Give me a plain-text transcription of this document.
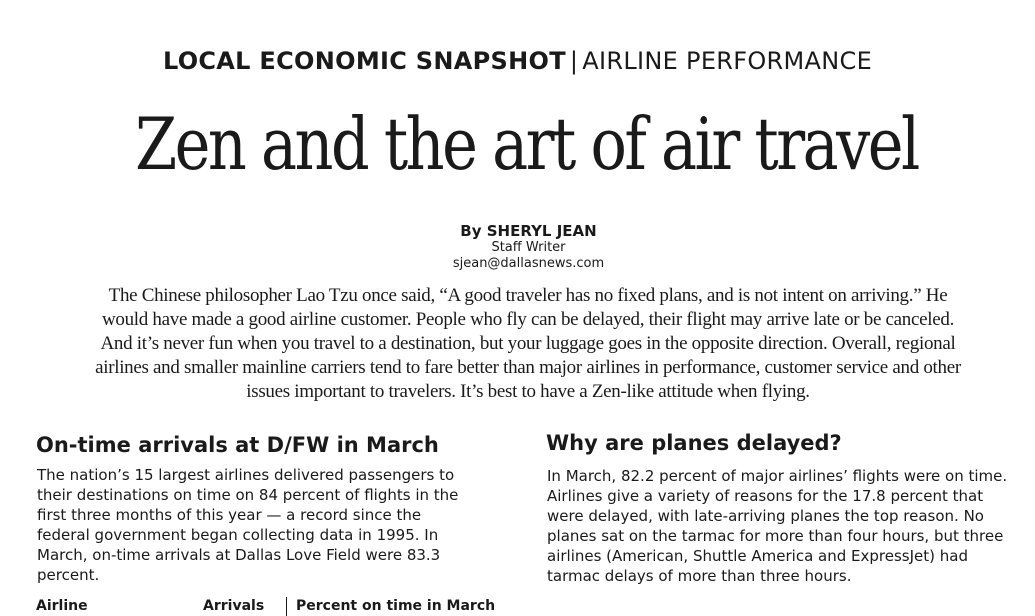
LOCAL ECONOMIC SNAPSHOT | AIRLINE PERFORMANCE
Zen and the art of air travel
By SHERYL JEAN
Staff Writer
sjean@dallasnews.com

The Chinese philosopher Lao Tzu once said, “A good traveler has no fixed plans, and is not intent on arriving.” He would have made a good airline customer. People who fly can be delayed, their flight may arrive late or be canceled. And it’s never fun when you travel to a destination, but your luggage goes in the opposite direction. Overall, regional airlines and smaller mainline carriers tend to fare better than major airlines in performance, customer service and other issues important to travelers. It’s best to have a Zen-like attitude when flying.

On-time arrivals at D/FW in March

The nation’s 15 largest airlines delivered passengers to their destinations on time on 84 percent of flights in the first three months of this year — a record since the federal government began collecting data in 1995. In March, on-time arrivals at Dallas Love Field were 83.3 percent.

Why are planes delayed?

In March, 82.2 percent of major airlines’ flights were on time. Airlines give a variety of reasons for the 17.8 percent that were delayed, with late-arriving planes the top reason. No planes sat on the tarmac for more than four hours, but three airlines (American, Shuttle America and ExpressJet) had tarmac delays of more than three hours.

Airline	Arrivals Percent on time in March
